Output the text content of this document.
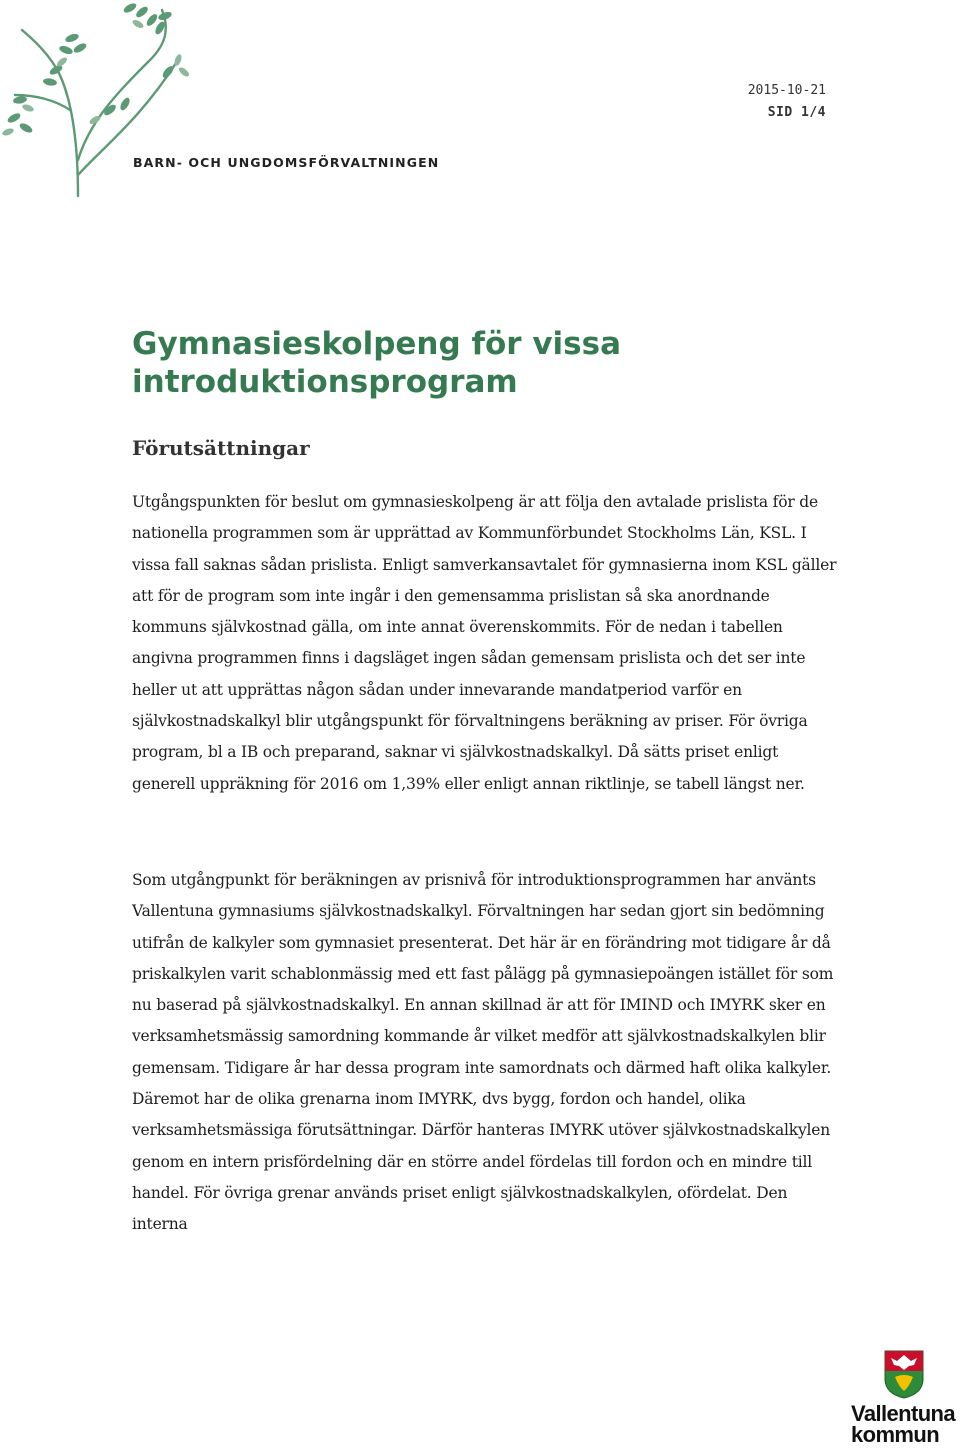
2015-10-21
SID 1/4
BARN- OCH UNGDOMSFÖRVALTNINGEN
Gymnasieskolpeng för vissa introduktionsprogram
Förutsättningar

Utgångspunkten för beslut om gymnasieskolpeng är att följa den avtalade prislista för de nationella programmen som är upprättad av Kommunförbundet Stockholms Län, KSL. I vissa fall saknas sådan prislista. Enligt samverkansavtalet för gymnasierna inom KSL gäller att för de program som inte ingår i den gemensamma prislistan så ska anordnande kommuns självkostnad gälla, om inte annat överenskommits. För de nedan i tabellen angivna programmen finns i dagsläget ingen sådan gemensam prislista och det ser inte heller ut att upprättas någon sådan under innevarande mandatperiod varför en självkostnadskalkyl blir utgångspunkt för förvaltningens beräkning av priser. För övriga program, bl a IB och preparand, saknar vi självkostnadskalkyl. Då sätts priset enligt generell uppräkning för 2016 om 1,39% eller enligt annan riktlinje, se tabell längst ner.

Som utgångpunkt för beräkningen av prisnivå för introduktionsprogrammen har använts Vallentuna gymnasiums självkostnadskalkyl. Förvaltningen har sedan gjort sin bedömning utifrån de kalkyler som gymnasiet presenterat. Det här är en förändring mot tidigare år då priskalkylen varit schablonmässig med ett fast pålägg på gymnasiepoängen istället för som nu baserad på självkostnadskalkyl. En annan skillnad är att för IMIND och IMYRK sker en verksamhetsmässig samordning kommande år vilket medför att självkostnadskalkylen blir gemensam. Tidigare år har dessa program inte samordnats och därmed haft olika kalkyler. Däremot har de olika grenarna inom IMYRK, dvs bygg, fordon och handel, olika verksamhetsmässiga förutsättningar. Därför hanteras IMYRK utöver självkostnadskalkylen genom en intern prisfördelning där en större andel fördelas till fordon och en mindre till handel. För övriga grenar används priset enligt självkostnadskalkylen, ofördelat. Den interna

Vallentuna
kommun
